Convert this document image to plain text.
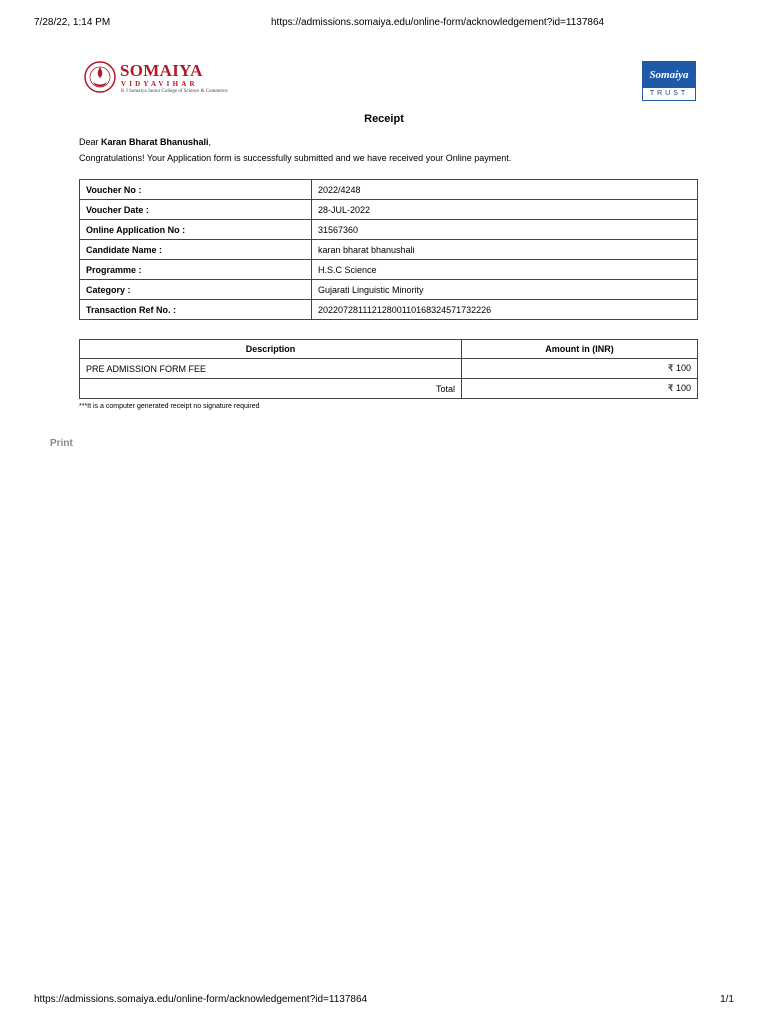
7/28/22, 1:14 PM	https://admissions.somaiya.edu/online-form/acknowledgement?id=1137864
SOMAIYA
VIDYAVIHAR
K J Somaiya Junior College of Science & Commerce
Somaiya
TRUST
Receipt
Dear Karan Bharat Bhanushali,
Congratulations! Your Application form is successfully submitted and we have received your Online payment.
Voucher No :	2022/4248
Voucher Date :	28-JUL-2022
Online Application No :	31567360
Candidate Name :	karan bharat bhanushali
Programme :	H.S.C Science
Category :	Gujarati Linguistic Minority
Transaction Ref No. :	20220728111212800110168324571732226
Description	Amount in (INR)
PRE ADMISSION FORM FEE	₹ 100
Total	₹ 100
***It is a computer generated receipt no signature required
Print
https://admissions.somaiya.edu/online-form/acknowledgement?id=1137864	1/1
